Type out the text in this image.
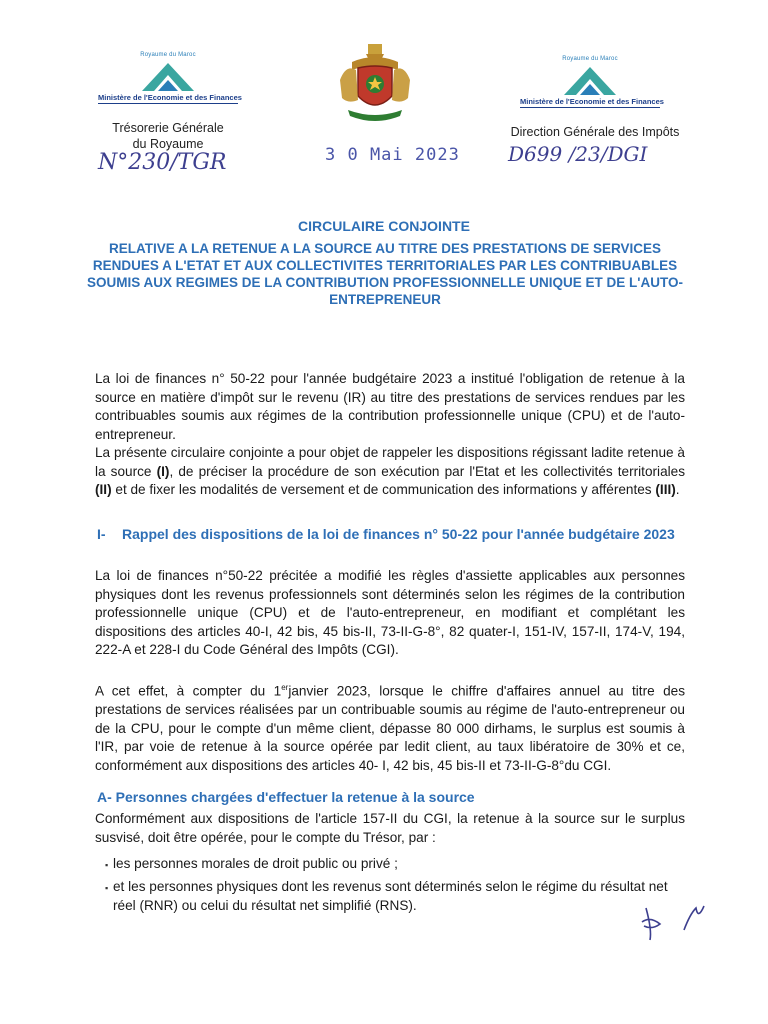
Royaume du Maroc
Ministère de l'Economie et des Finances
Trésorerie Générale
du Royaume
N°230/TGR	3 0 Mai 2023
Royaume du Maroc
Ministère de l'Economie et des Finances
Direction Générale des Impôts
D699 /23/DGI
CIRCULAIRE CONJOINTE
RELATIVE A LA RETENUE A LA SOURCE AU TITRE DES PRESTATIONS DE SERVICES RENDUES A L'ETAT ET AUX COLLECTIVITES TERRITORIALES PAR LES CONTRIBUABLES SOUMIS AUX REGIMES DE LA CONTRIBUTION PROFESSIONNELLE UNIQUE ET DE L'AUTO-ENTREPRENEUR
La loi de finances n° 50-22 pour l'année budgétaire 2023 a institué l'obligation de retenue à la source en matière d'impôt sur le revenu (IR) au titre des prestations de services rendues par les contribuables soumis aux régimes de la contribution professionnelle unique (CPU) et de l'auto-entrepreneur.
La présente circulaire conjointe a pour objet de rappeler les dispositions régissant ladite retenue à la source (I), de préciser la procédure de son exécution par l'Etat et les collectivités territoriales (II) et de fixer les modalités de versement et de communication des informations y afférentes (III).
I- Rappel des dispositions de la loi de finances n° 50-22 pour l'année budgétaire 2023
La loi de finances n°50-22 précitée a modifié les règles d'assiette applicables aux personnes physiques dont les revenus professionnels sont déterminés selon les régimes de la contribution professionnelle unique (CPU) et de l'auto-entrepreneur, en modifiant et complétant les dispositions des articles 40-I, 42 bis, 45 bis-II, 73-II-G-8°, 82 quater-I, 151-IV, 157-II, 174-V, 194, 222-A et 228-I du Code Général des Impôts (CGI).
A cet effet, à compter du 1erjanvier 2023, lorsque le chiffre d'affaires annuel au titre des prestations de services réalisées par un contribuable soumis au régime de l'auto-entrepreneur ou de la CPU, pour le compte d'un même client, dépasse 80 000 dirhams, le surplus est soumis à l'IR, par voie de retenue à la source opérée par ledit client, au taux libératoire de 30% et ce, conformément aux dispositions des articles 40- I, 42 bis, 45 bis-II et 73-II-G-8°du CGI.
A- Personnes chargées d'effectuer la retenue à la source
Conformément aux dispositions de l'article 157-II du CGI, la retenue à la source sur le surplus susvisé, doit être opérée, pour le compte du Trésor, par :
▪ les personnes morales de droit public ou privé ;
▪ et les personnes physiques dont les revenus sont déterminés selon le régime du résultat net réel (RNR) ou celui du résultat net simplifié (RNS).
